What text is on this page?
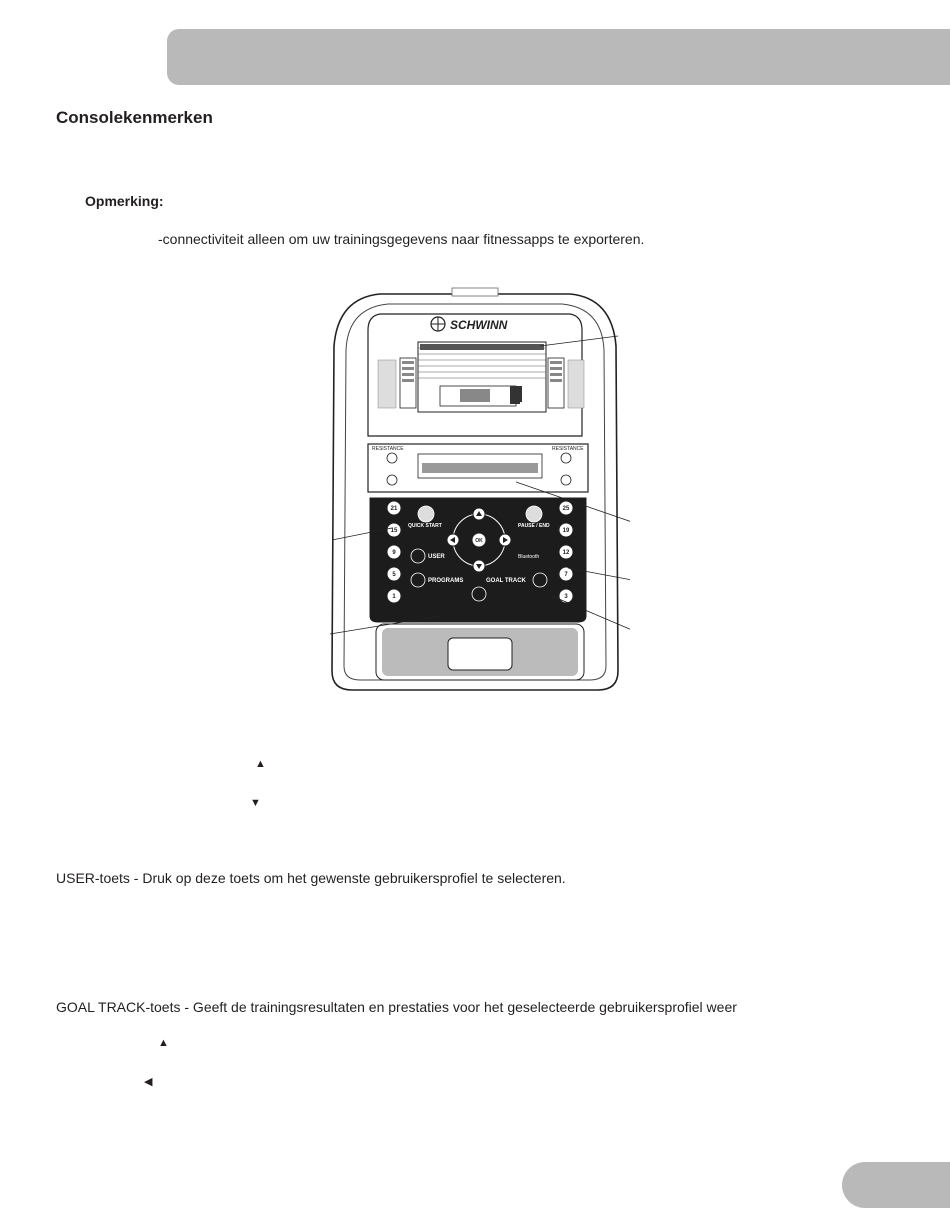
Consolekenmerken
Opmerking:
-connectiviteit alleen om uw trainingsgegevens naar fitnessapps te exporteren.
SCHWINN
RESISTANCE	RESISTANCE
21
15
9
5
1
25
19
12
7
3
QUICK START	PAUSE / END
OK
USER	Bluetooth
PROGRAMS	GOAL TRACK
▲
▼
USER-toets - Druk op deze toets om het gewenste gebruikersprofiel te selecteren.
GOAL TRACK-toets - Geeft de trainingsresultaten en prestaties voor het geselecteerde gebruikersprofiel weer
▲
◀
